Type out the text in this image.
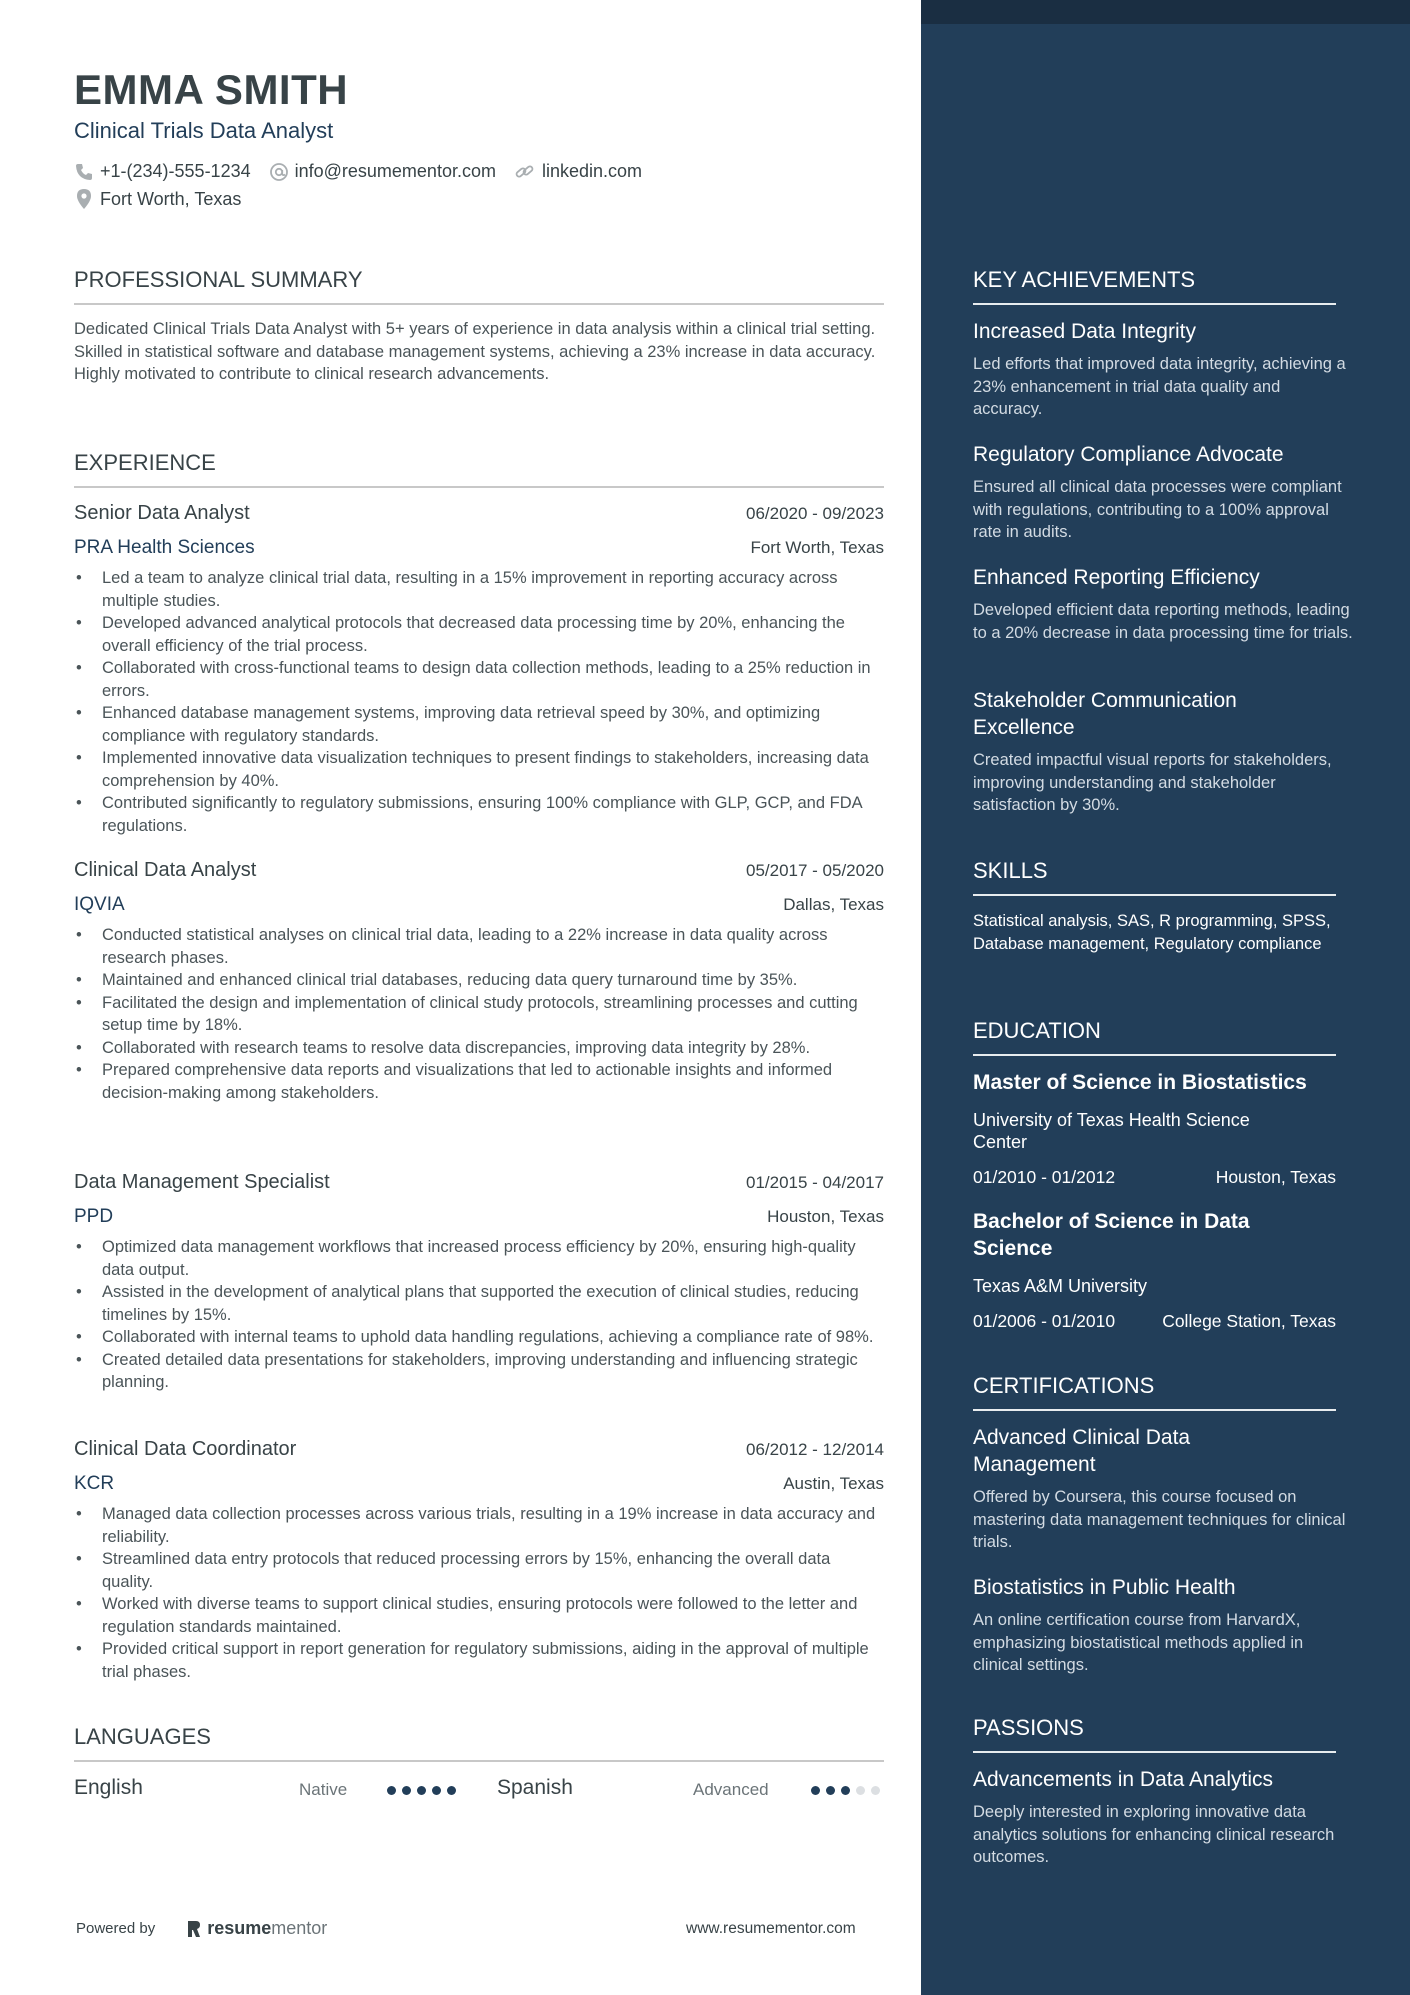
EMMA SMITH
Clinical Trials Data Analyst
+1-(234)-555-1234 info@resumementor.com	linkedin.com
Fort Worth, Texas
PROFESSIONAL SUMMARY
Dedicated Clinical Trials Data Analyst with 5+ years of experience in data analysis within a clinical trial setting. Skilled in statistical software and database management systems, achieving a 23% increase in data accuracy. Highly motivated to contribute to clinical research advancements.
EXPERIENCE
Senior Data Analyst	06/2020 - 09/2023
PRA Health Sciences	Fort Worth, Texas
• Led a team to analyze clinical trial data, resulting in a 15% improvement in reporting accuracy across multiple studies.
• Developed advanced analytical protocols that decreased data processing time by 20%, enhancing the overall efficiency of the trial process.
• Collaborated with cross-functional teams to design data collection methods, leading to a 25% reduction in errors.
• Enhanced database management systems, improving data retrieval speed by 30%, and optimizing compliance with regulatory standards.
• Implemented innovative data visualization techniques to present findings to stakeholders, increasing data comprehension by 40%.
• Contributed significantly to regulatory submissions, ensuring 100% compliance with GLP, GCP, and FDA regulations.
Clinical Data Analyst	05/2017 - 05/2020
IQVIA	Dallas, Texas
• Conducted statistical analyses on clinical trial data, leading to a 22% increase in data quality across research phases.
• Maintained and enhanced clinical trial databases, reducing data query turnaround time by 35%.
• Facilitated the design and implementation of clinical study protocols, streamlining processes and cutting setup time by 18%.
• Collaborated with research teams to resolve data discrepancies, improving data integrity by 28%.
• Prepared comprehensive data reports and visualizations that led to actionable insights and informed decision-making among stakeholders.
Data Management Specialist	01/2015 - 04/2017
PPD	Houston, Texas
• Optimized data management workflows that increased process efficiency by 20%, ensuring high-quality data output.
• Assisted in the development of analytical plans that supported the execution of clinical studies, reducing timelines by 15%.
• Collaborated with internal teams to uphold data handling regulations, achieving a compliance rate of 98%.
• Created detailed data presentations for stakeholders, improving understanding and influencing strategic planning.
Clinical Data Coordinator	06/2012 - 12/2014
KCR	Austin, Texas
• Managed data collection processes across various trials, resulting in a 19% increase in data accuracy and reliability.
• Streamlined data entry protocols that reduced processing errors by 15%, enhancing the overall data quality.
• Worked with diverse teams to support clinical studies, ensuring protocols were followed to the letter and regulation standards maintained.
• Provided critical support in report generation for regulatory submissions, aiding in the approval of multiple trial phases.
LANGUAGES
English	Native	Spanish	Advanced
Powered by	resume mentor	www.resumementor.com
KEY ACHIEVEMENTS
Increased Data Integrity
Led efforts that improved data integrity, achieving a 23% enhancement in trial data quality and accuracy.
Regulatory Compliance Advocate
Ensured all clinical data processes were compliant with regulations, contributing to a 100% approval rate in audits.
Enhanced Reporting Efficiency
Developed efficient data reporting methods, leading to a 20% decrease in data processing time for trials.
Stakeholder Communication Excellence
Created impactful visual reports for stakeholders, improving understanding and stakeholder satisfaction by 30%.
SKILLS
Statistical analysis, SAS, R programming, SPSS, Database management, Regulatory compliance
EDUCATION
Master of Science in Biostatistics
University of Texas Health Science Center
01/2010 - 01/2012	Houston, Texas
Bachelor of Science in Data Science
Texas A&M University
01/2006 - 01/2010	College Station, Texas
CERTIFICATIONS
Advanced Clinical Data Management
Offered by Coursera, this course focused on mastering data management techniques for clinical trials.
Biostatistics in Public Health
An online certification course from HarvardX, emphasizing biostatistical methods applied in clinical settings.
PASSIONS
Advancements in Data Analytics
Deeply interested in exploring innovative data analytics solutions for enhancing clinical research outcomes.
